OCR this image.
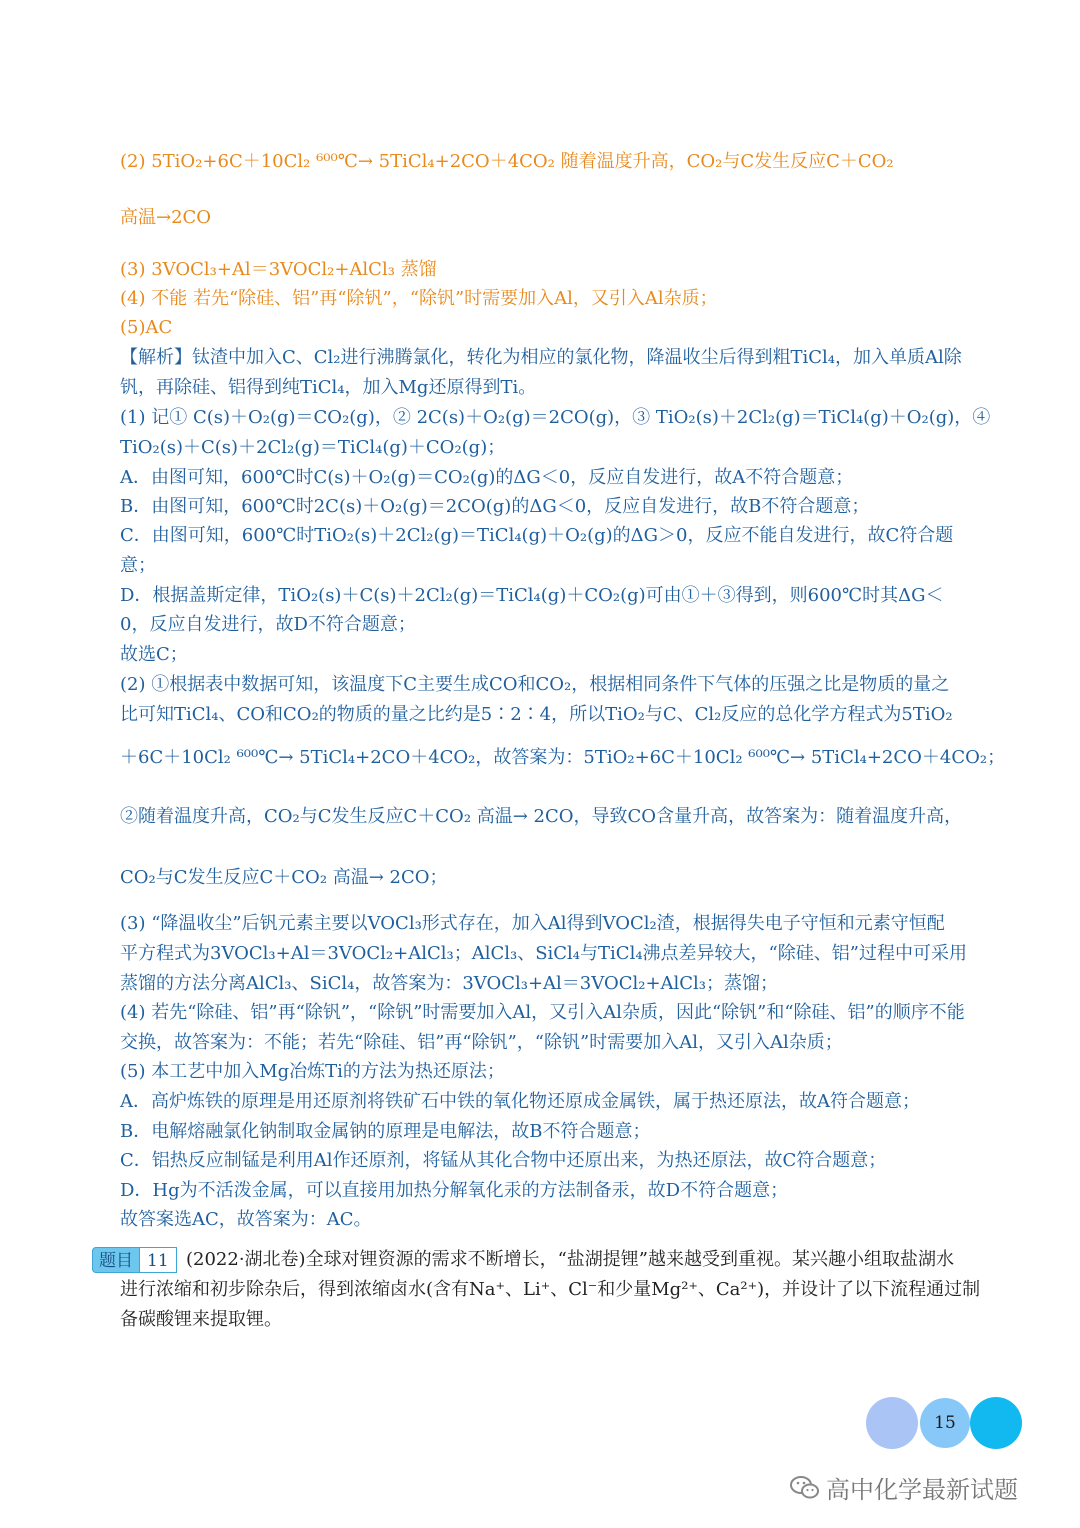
(2) 5TiO₂+6C＋10Cl₂ ⁶⁰⁰℃→ 5TiCl₄+2CO＋4CO₂ 随着温度升高，CO₂与C发生反应C＋CO₂
高温→2CO
(3) 3VOCl₃+Al＝3VOCl₂+AlCl₃ 蒸馏
(4) 不能 若先“除硅、铝”再“除钒”，“除钒”时需要加入Al，又引入Al杂质；
(5)AC
【解析】钛渣中加入C、Cl₂进行沸腾氯化，转化为相应的氯化物，降温收尘后得到粗TiCl₄，加入单质Al除
钒，再除硅、铝得到纯TiCl₄，加入Mg还原得到Ti。
(1) 记① C(s)＋O₂(g)＝CO₂(g)，② 2C(s)＋O₂(g)＝2CO(g)，③ TiO₂(s)＋2Cl₂(g)＝TiCl₄(g)＋O₂(g)，④
TiO₂(s)＋C(s)＋2Cl₂(g)＝TiCl₄(g)＋CO₂(g)；
A．由图可知，600℃时C(s)＋O₂(g)＝CO₂(g)的ΔG＜0，反应自发进行，故A不符合题意；
B．由图可知，600℃时2C(s)＋O₂(g)＝2CO(g)的ΔG＜0，反应自发进行，故B不符合题意；
C．由图可知，600℃时TiO₂(s)＋2Cl₂(g)＝TiCl₄(g)＋O₂(g)的ΔG＞0，反应不能自发进行，故C符合题
意；
D．根据盖斯定律，TiO₂(s)＋C(s)＋2Cl₂(g)＝TiCl₄(g)＋CO₂(g)可由①＋③得到，则600℃时其ΔG＜
0，反应自发进行，故D不符合题意；
故选C；
(2) ①根据表中数据可知，该温度下C主要生成CO和CO₂，根据相同条件下气体的压强之比是物质的量之
比可知TiCl₄、CO和CO₂的物质的量之比约是5∶2∶4，所以TiO₂与C、Cl₂反应的总化学方程式为5TiO₂
＋6C＋10Cl₂ ⁶⁰⁰℃→ 5TiCl₄+2CO＋4CO₂，故答案为：5TiO₂+6C＋10Cl₂ ⁶⁰⁰℃→ 5TiCl₄+2CO＋4CO₂；
②随着温度升高，CO₂与C发生反应C＋CO₂ 高温→ 2CO，导致CO含量升高，故答案为：随着温度升高，
CO₂与C发生反应C＋CO₂ 高温→ 2CO；
(3) “降温收尘”后钒元素主要以VOCl₃形式存在，加入Al得到VOCl₂渣，根据得失电子守恒和元素守恒配
平方程式为3VOCl₃+Al＝3VOCl₂+AlCl₃；AlCl₃、SiCl₄与TiCl₄沸点差异较大，“除硅、铝”过程中可采用
蒸馏的方法分离AlCl₃、SiCl₄，故答案为：3VOCl₃+Al＝3VOCl₂+AlCl₃；蒸馏；
(4) 若先“除硅、铝”再“除钒”，“除钒”时需要加入Al，又引入Al杂质，因此“除钒”和“除硅、铝”的顺序不能
交换，故答案为：不能；若先“除硅、铝”再“除钒”，“除钒”时需要加入Al，又引入Al杂质；
(5) 本工艺中加入Mg冶炼Ti的方法为热还原法；
A．高炉炼铁的原理是用还原剂将铁矿石中铁的氧化物还原成金属铁，属于热还原法，故A符合题意；
B．电解熔融氯化钠制取金属钠的原理是电解法，故B不符合题意；
C．铝热反应制锰是利用Al作还原剂，将锰从其化合物中还原出来，为热还原法，故C符合题意；
D．Hg为不活泼金属，可以直接用加热分解氧化汞的方法制备汞，故D不符合题意；
故答案选AC，故答案为：AC。
题目 11 (2022·湖北卷)全球对锂资源的需求不断增长，“盐湖提锂”越来越受到重视。某兴趣小组取盐湖水
进行浓缩和初步除杂后，得到浓缩卤水(含有Na⁺、Li⁺、Cl⁻和少量Mg²⁺、Ca²⁺)，并设计了以下流程通过制
备碳酸锂来提取锂。
15
高中化学最新试题
